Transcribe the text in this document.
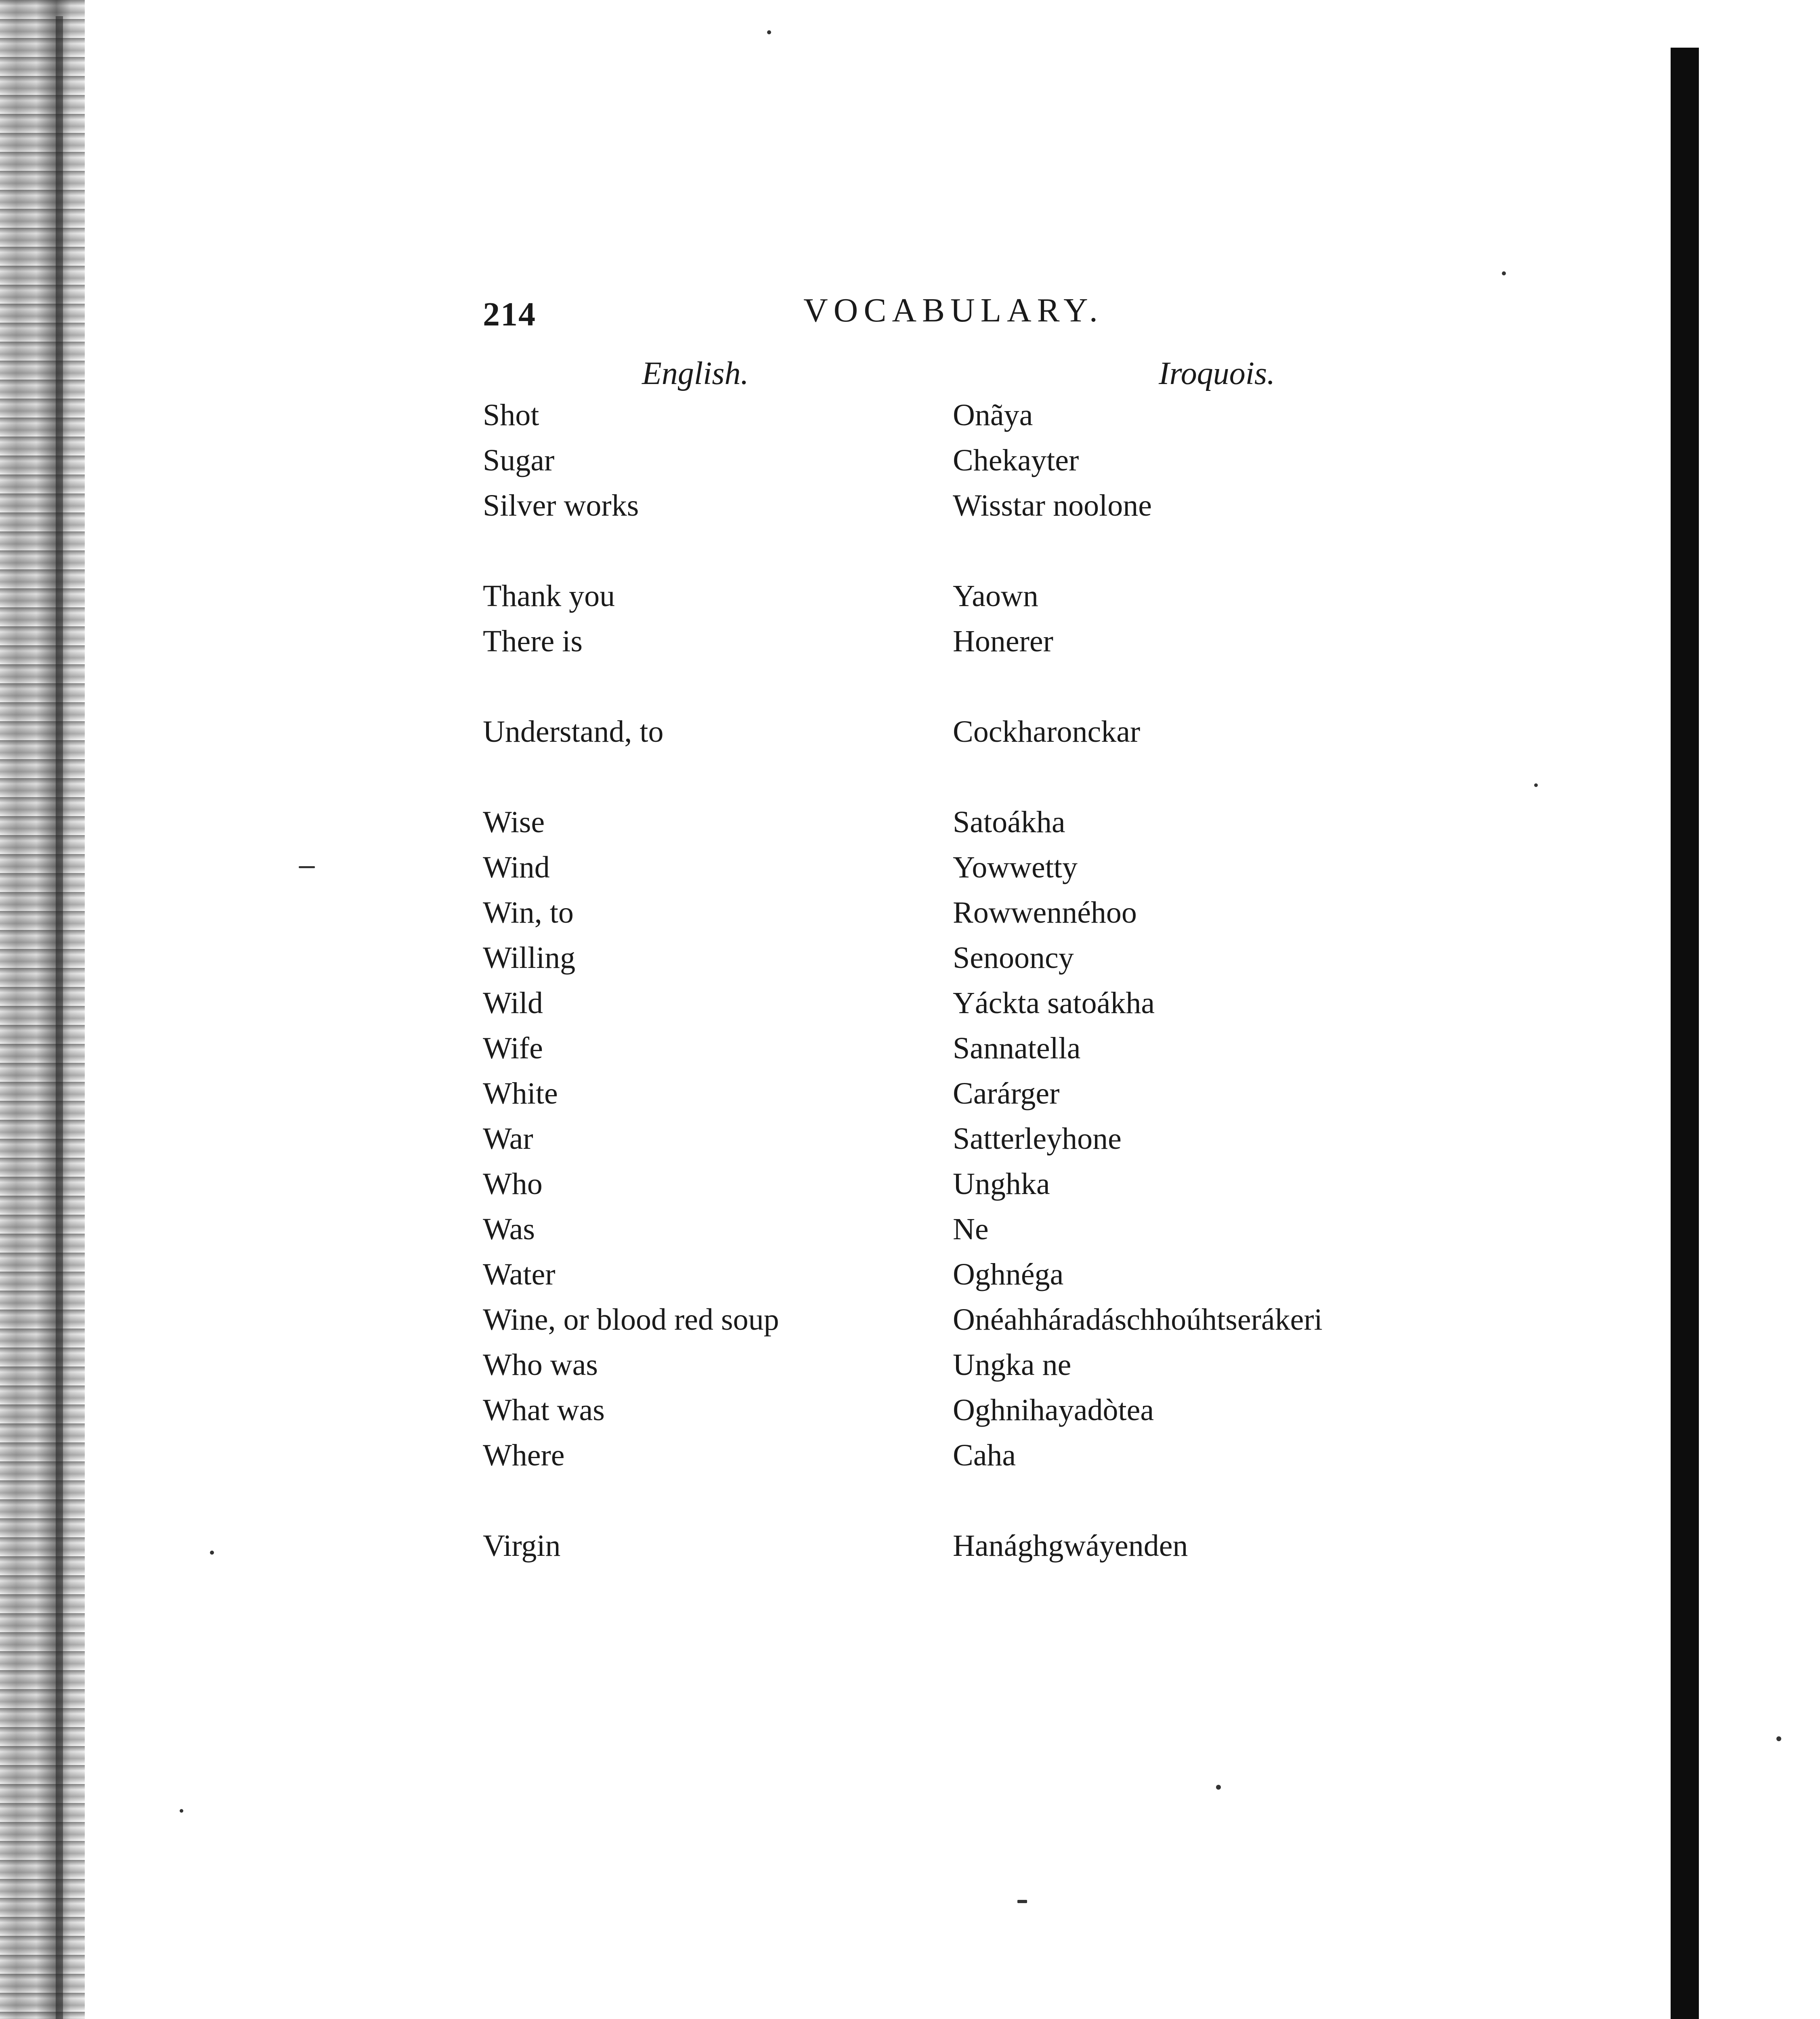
214	VOCABULARY.
English.	Iroquois.
Shot	Onãya
Sugar	Chekayter
Silver works	Wisstar noolone
Thank you	Yaown
There is	Honerer
Understand, to	Cockharonckar
Wise	Satoákha
Wind	Yowwetty
Win, to	Rowwennéhoo
Willing	Senooncy
Wild	Yáckta satoákha
Wife	Sannatella
White	Carárger
War	Satterleyhone
Who	Unghka
Was	Ne
Water	Oghnéga
Wine, or blood red soup	Onéahháradáschhoúhtserákeri
Who was	Ungka ne
What was	Oghnihayadòtea
Where	Caha
Virgin	Hanághgwáyenden
